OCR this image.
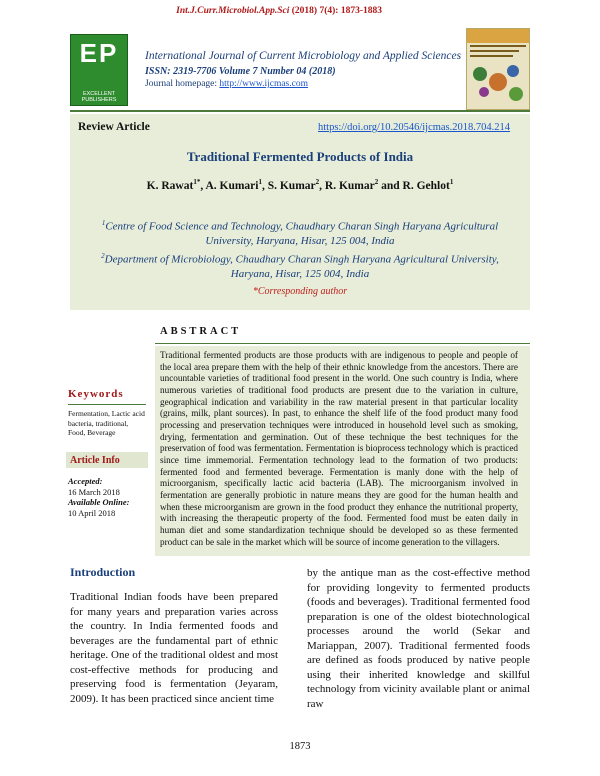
Int.J.Curr.Microbiol.App.Sci (2018) 7(4): 1873-1883
EP
EXCELLENT PUBLISHERS
International Journal of Current Microbiology and Applied Sciences
ISSN: 2319-7706 Volume 7 Number 04 (2018)
Journal homepage: http://www.ijcmas.com
Review Article	https://doi.org/10.20546/ijcmas.2018.704.214
Traditional Fermented Products of India
K. Rawat$^{1*}$, A. Kumari$^1$, S. Kumar$^2$, R. Kumar$^2$ and R. Gehlot$^1$
$^1$Centre of Food Science and Technology, Chaudhary Charan Singh Haryana Agricultural University, Haryana, Hisar, 125 004, India
$^2$Department of Microbiology, Chaudhary Charan Singh Haryana Agricultural University, Haryana, Hisar, 125 004, India
*Corresponding author
ABSTRACT
Traditional fermented products are those products with are indigenous to people and people of the local area prepare them with the help of their ethnic knowledge from the ancestors. There are uncountable varieties of traditional food present in the world. One such country is India, where numerous varieties of traditional food products are present due to the variation in culture, geographical indication and variability in the raw material present in that particular locality (grains, milk, plant sources). In past, to enhance the shelf life of the food product many food processing and preservation techniques were introduced in household level such as smoking, drying, fermentation and germination. Out of these technique the best techniques for the preservation of food was fermentation. Fermentation is bioprocess technology which is practiced since time immemorial. Fermentation technology lead to the formation of two products: fermented food and fermented beverage. Fermentation is manly done with the help of microorganism, specifically lactic acid bacteria (LAB). The microorganism involved in fermentation are generally probiotic in nature means they are good for the human health and when these microorganism are grown in the food product they enhance the nutritional property, with increasing the therapeutic property of the food. Fermented food must be eaten daily in human diet and some standardization technique should be developed so as these fermented product can be sale in the market which will be source of income generation to the villagers.
Keywords
Fermentation, Lactic acid bacteria, traditional, Food, Beverage
Article Info
Accepted:
16 March 2018
Available Online:
10 April 2018
Introduction
Traditional Indian foods have been prepared for many years and preparation varies across the country. In India fermented foods and beverages are the fundamental part of ethnic heritage. One of the traditional oldest and most cost-effective methods for producing and preserving food is fermentation (Jeyaram, 2009). It has been practiced since ancient time
by the antique man as the cost-effective method for providing longevity to fermented products (foods and beverages). Traditional fermented food preparation is one of the oldest biotechnological processes around the world (Sekar and Mariappan, 2007). Traditional fermented foods are defined as foods produced by native people using their inherited knowledge and skillful technology from vicinity available plant or animal raw
1873
